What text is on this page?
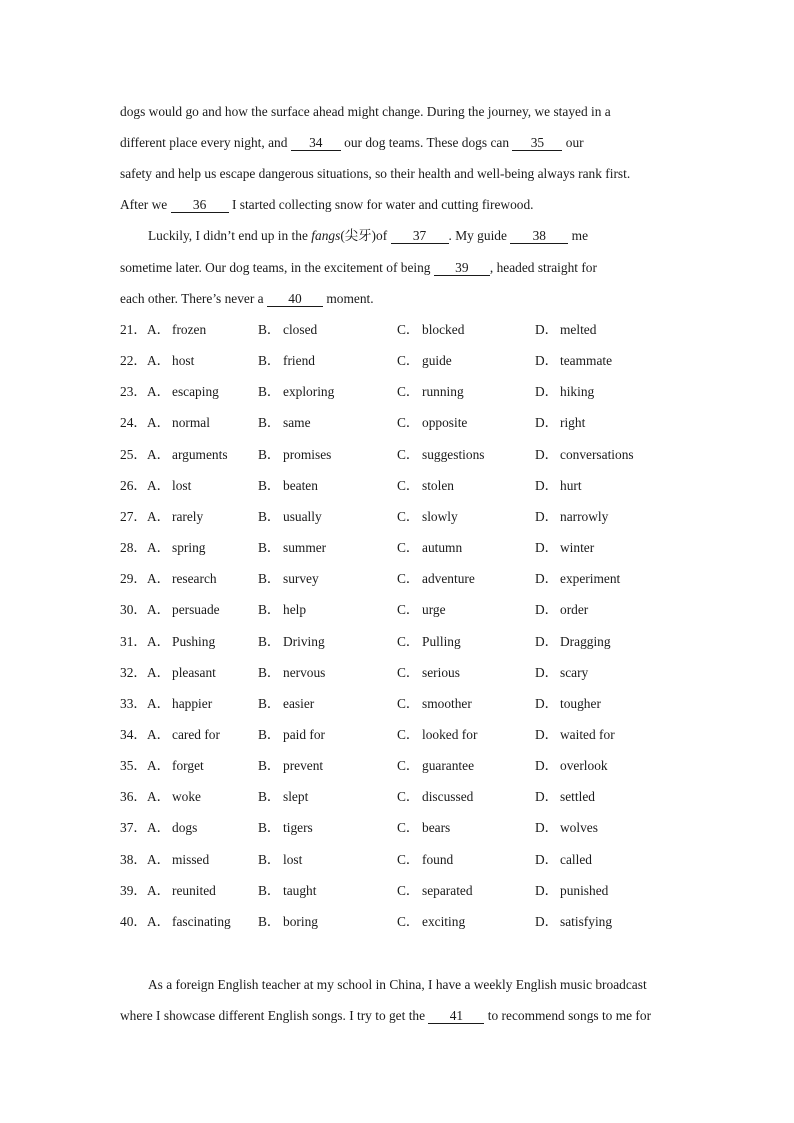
dogs would go and how the surface ahead might change. During the journey, we stayed in a
different place every night, and 34 our dog teams. These dogs can 35 our
safety and help us escape dangerous situations, so their health and well-being always rank first.
After we 36 I started collecting snow for water and cutting firewood.
Luckily, I didn’t end up in the fangs(尖牙)of 37 . My guide 38 me
sometime later. Our dog teams, in the excitement of being 39 , headed straight for
each other. There’s never a 40 moment.
21． A． frozen	B． closed	C． blocked	D． melted
22． A． host	B． friend	C． guide	D． teammate
23． A． escaping	B． exploring	C． running	D． hiking
24． A． normal	B． same	C． opposite	D． right
25． A． arguments B． promises	C． suggestions	D． conversations
26． A． lost	B． beaten	C． stolen	D． hurt
27． A． rarely	B． usually	C． slowly	D． narrowly
28． A． spring	B． summer	C． autumn	D． winter
29． A． research	B． survey	C． adventure	D． experiment
30． A． persuade	B． help	C． urge	D． order
31． A． Pushing	B． Driving	C． Pulling	D． Dragging
32． A． pleasant	B． nervous	C． serious	D． scary
33． A． happier	B． easier	C． smoother	D． tougher
34． A． cared for	B． paid for	C． looked for	D． waited for
35． A． forget	B． prevent	C． guarantee	D． overlook
36． A． woke	B． slept	C． discussed	D． settled
37． A． dogs	B． tigers	C． bears	D． wolves
38． A． missed	B． lost	C． found	D． called
39． A． reunited	B． taught	C． separated	D． punished
40． A． fascinating B． boring	C． exciting	D． satisfying
As a foreign English teacher at my school in China, I have a weekly English music broadcast
where I showcase different English songs. I try to get the 41 to recommend songs to me for
